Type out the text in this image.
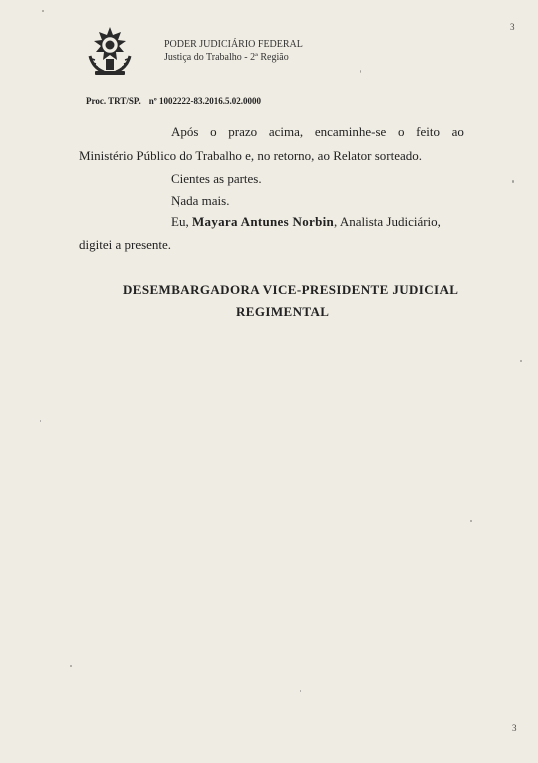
3
PODER JUDICIÁRIO FEDERAL
Justiça do Trabalho - 2ª Região
Proc. TRT/SP. nº 1002222-83.2016.5.02.0000
Após o prazo acima, encaminhe-se o feito ao
Ministério Público do Trabalho e, no retorno, ao Relator sorteado.
Cientes as partes.
Nada mais.
Eu, Mayara Antunes Norbin, Analista Judiciário,
digitei a presente.
DESEMBARGADORA VICE-PRESIDENTE JUDICIAL
REGIMENTAL
3
